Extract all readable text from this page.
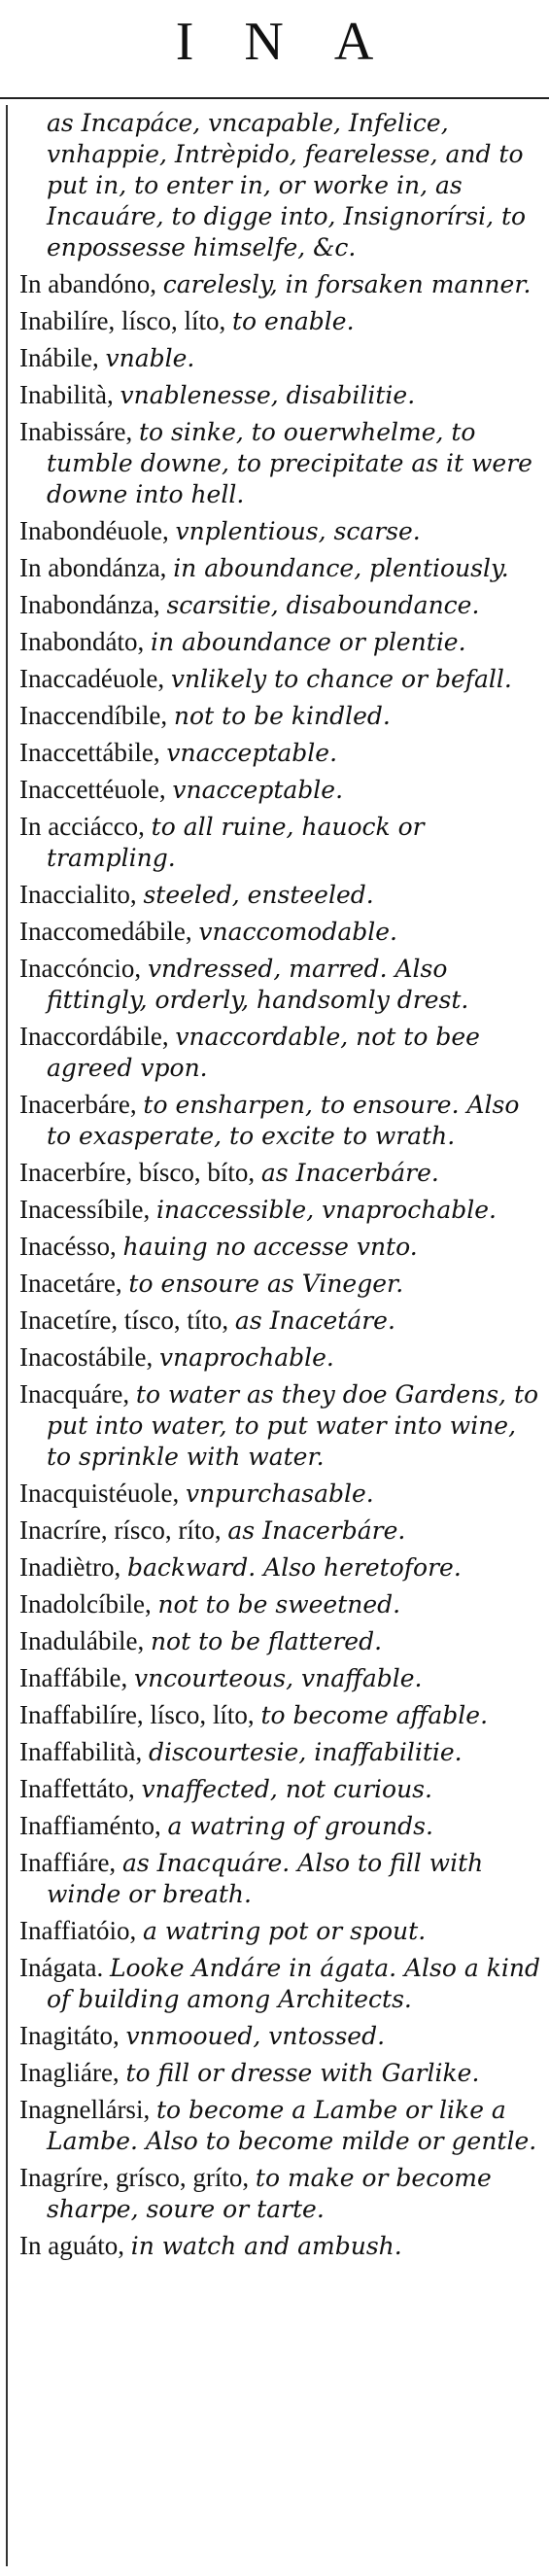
INA

as Incapáce, vncapable, Infelice, vnhappie, Intrèpido, fearelesse, and to put in, to enter in, or worke in, as Incauáre, to digge into, Insignorírsi, to enpossesse himselfe, &c.

In abandóno, carelesly, in forsaken manner.

Inabilíre, lísco, líto, to enable.

Inábile, vnable.

Inabilità, vnablenesse, disabilitie.

Inabissáre, to sinke, to ouerwhelme, to tumble downe, to precipitate as it were downe into hell.

Inabondéuole, vnplentious, scarse.

In abondánza, in aboundance, plentiously.

Inabondánza, scarsitie, disaboundance.

Inabondáto, in aboundance or plentie.

Inaccadéuole, vnlikely to chance or befall.

Inaccendíbile, not to be kindled.

Inaccettábile, vnacceptable.

Inaccettéuole, vnacceptable.

In acciácco, to all ruine, hauock or trampling.

Inaccialito, steeled, ensteeled.

Inaccomedábile, vnaccomodable.

Inaccóncio, vndressed, marred. Also fittingly, orderly, handsomly drest.

Inaccordábile, vnaccordable, not to bee agreed vpon.

Inacerbáre, to ensharpen, to ensoure. Also to exasperate, to excite to wrath.

Inacerbíre, bísco, bíto, as Inacerbáre.

Inacessíbile, inaccessible, vnaprochable.

Inacésso, hauing no accesse vnto.

Inacetáre, to ensoure as Vineger.

Inacetíre, tísco, títo, as Inacetáre.

Inacostábile, vnaprochable.

Inacquáre, to water as they doe Gardens, to put into water, to put water into wine, to sprinkle with water.

Inacquistéuole, vnpurchasable.

Inacríre, rísco, ríto, as Inacerbáre.

Inadiètro, backward. Also heretofore.

Inadolcíbile, not to be sweetned.

Inadulábile, not to be flattered.

Inaffábile, vncourteous, vnaffable.

Inaffabilíre, lísco, líto, to become affable.

Inaffabilità, discourtesie, inaffabilitie.

Inaffettáto, vnaffected, not curious.

Inaffiaménto, a watring of grounds.

Inaffiáre, as Inacquáre. Also to fill with winde or breath.

Inaffiatóio, a watring pot or spout.

Inágata. Looke Andáre in ágata. Also a kind of building among Architects.

Inagitáto, vnmooued, vntossed.

Inagliáre, to fill or dresse with Garlike.

Inagnellársi, to become a Lambe or like a Lambe. Also to become milde or gentle.

Inagríre, grísco, gríto, to make or become sharpe, soure or tarte.

In aguáto, in watch and ambush.
